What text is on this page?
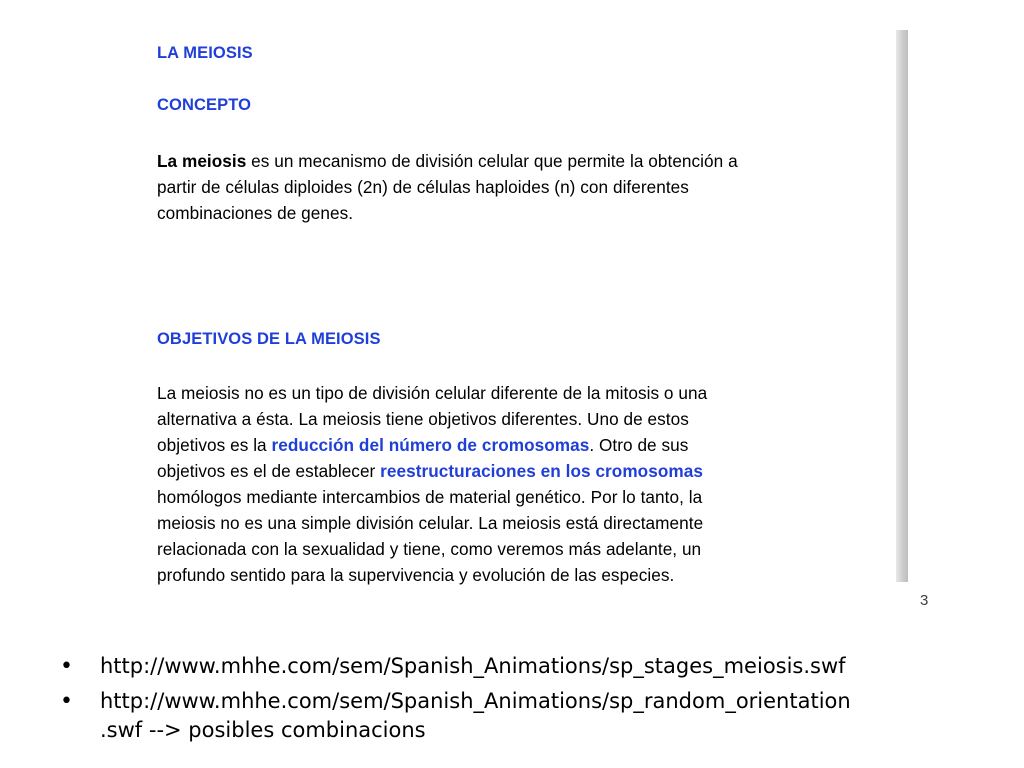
LA MEIOSIS
CONCEPTO

La meiosis es un mecanismo de división celular que permite la obtención a
partir de células diploides (2n) de células haploides (n) con diferentes
combinaciones de genes.

OBJETIVOS DE LA MEIOSIS

La meiosis no es un tipo de división celular diferente de la mitosis o una
alternativa a ésta. La meiosis tiene objetivos diferentes. Uno de estos
objetivos es la reducción del número de cromosomas. Otro de sus
objetivos es el de establecer reestructuraciones en los cromosomas
homólogos mediante intercambios de material genético. Por lo tanto, la
meiosis no es una simple división celular. La meiosis está directamente
relacionada con la sexualidad y tiene, como veremos más adelante, un
profundo sentido para la supervivencia y evolución de las especies.

3
• http://www.mhhe.com/sem/Spanish_Animations/sp_stages_meiosis.swf
• http://www.mhhe.com/sem/Spanish_Animations/sp_random_orientation
.swf --> posibles combinacions
